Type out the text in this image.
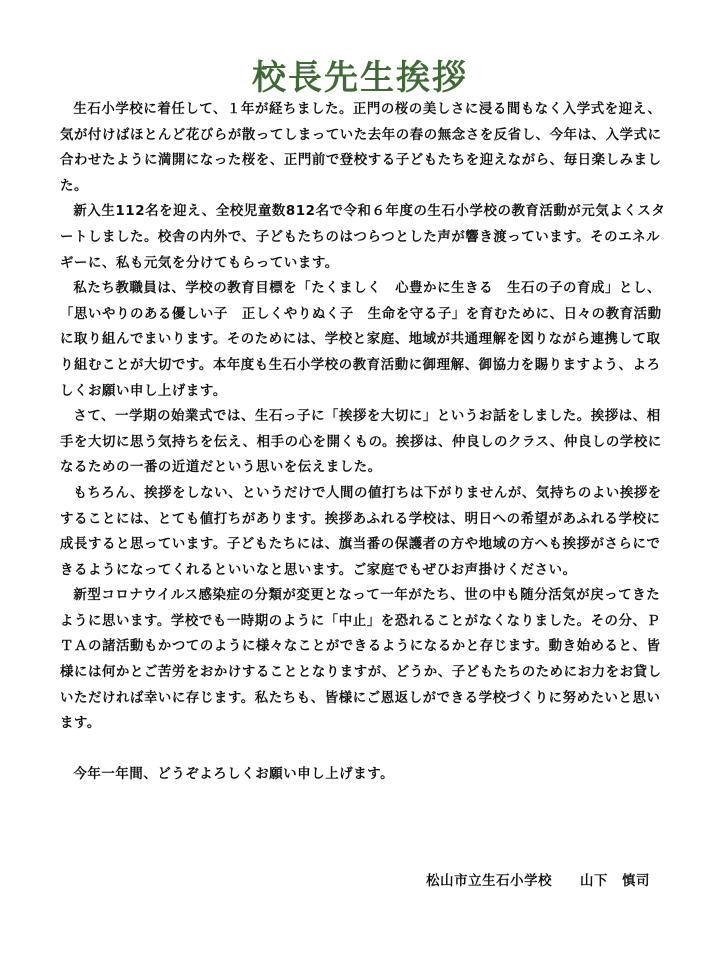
校長先生挨拶

生石小学校に着任して、１年が経ちました。正門の桜の美しさに浸る間もなく入学式を迎え、気が付けばほとんど花びらが散ってしまっていた去年の春の無念さを反省し、今年は、入学式に合わせたように満開になった桜を、正門前で登校する子どもたちを迎えながら、毎日楽しみました。

新入生112名を迎え、全校児童数812名で令和６年度の生石小学校の教育活動が元気よくスタートしました。校舎の内外で、子どもたちのはつらつとした声が響き渡っています。そのエネルギーに、私も元気を分けてもらっています。

私たち教職員は、学校の教育目標を「たくましく　心豊かに生きる　生石の子の育成」とし、「思いやりのある優しい子　正しくやりぬく子　生命を守る子」を育むために、日々の教育活動に取り組んでまいります。そのためには、学校と家庭、地域が共通理解を図りながら連携して取り組むことが大切です。本年度も生石小学校の教育活動に御理解、御協力を賜りますよう、よろしくお願い申し上げます。

さて、一学期の始業式では、生石っ子に「挨拶を大切に」というお話をしました。挨拶は、相手を大切に思う気持ちを伝え、相手の心を開くもの。挨拶は、仲良しのクラス、仲良しの学校になるための一番の近道だという思いを伝えました。

もちろん、挨拶をしない、というだけで人間の値打ちは下がりませんが、気持ちのよい挨拶をすることには、とても値打ちがあります。挨拶あふれる学校は、明日への希望があふれる学校に成長すると思っています。子どもたちには、旗当番の保護者の方や地域の方へも挨拶がさらにできるようになってくれるといいなと思います。ご家庭でもぜひお声掛けください。

新型コロナウイルス感染症の分類が変更となって一年がたち、世の中も随分活気が戻ってきたように思います。学校でも一時期のように「中止」を恐れることがなくなりました。その分、ＰＴＡの諸活動もかつてのように様々なことができるようになるかと存じます。動き始めると、皆様には何かとご苦労をおかけすることとなりますが、どうか、子どもたちのためにお力をお貸しいただければ幸いに存じます。私たちも、皆様にご恩返しができる学校づくりに努めたいと思います。

今年一年間、どうぞよろしくお願い申し上げます。

松山市立生石小学校　　山下　慎司
